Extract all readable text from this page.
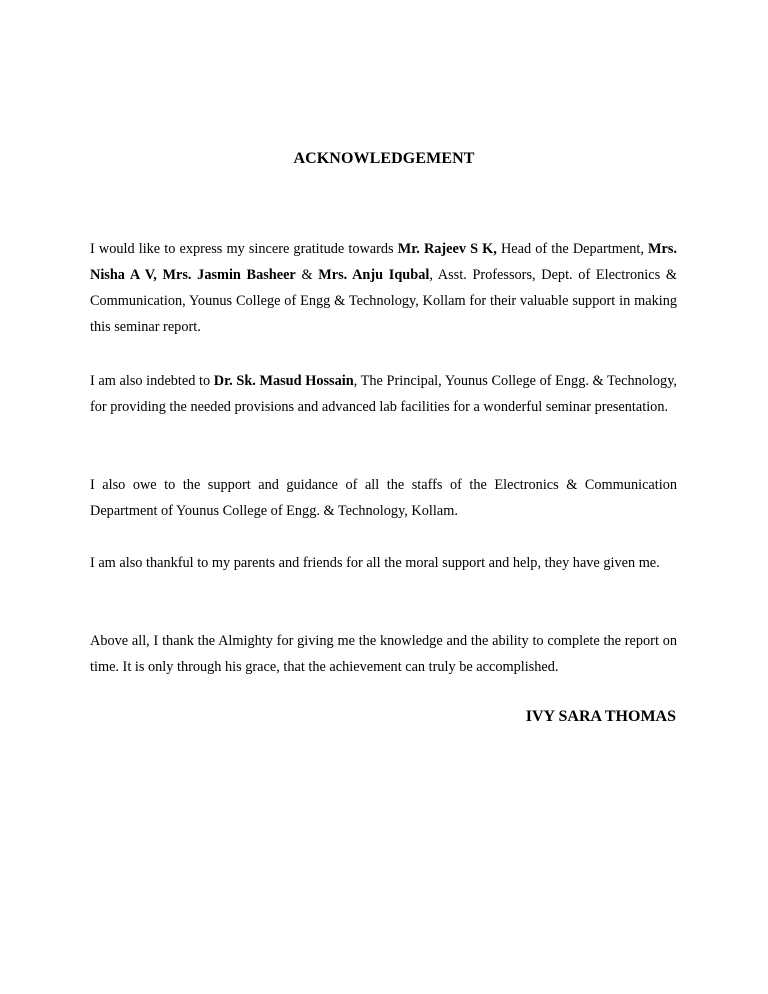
ACKNOWLEDGEMENT

I would like to express my sincere gratitude towards Mr. Rajeev S K, Head of the Department, Mrs. Nisha A V, Mrs. Jasmin Basheer & Mrs. Anju Iqubal, Asst. Professors, Dept. of Electronics & Communication, Younus College of Engg & Technology, Kollam for their valuable support in making this seminar report.

I am also indebted to Dr. Sk. Masud Hossain, The Principal, Younus College of Engg. & Technology, for providing the needed provisions and advanced lab facilities for a wonderful seminar presentation.

I also owe to the support and guidance of all the staffs of the Electronics & Communication Department of Younus College of Engg. & Technology, Kollam.

I am also thankful to my parents and friends for all the moral support and help, they have given me.

Above all, I thank the Almighty for giving me the knowledge and the ability to complete the report on time. It is only through his grace, that the achievement can truly be accomplished.

IVY SARA THOMAS
